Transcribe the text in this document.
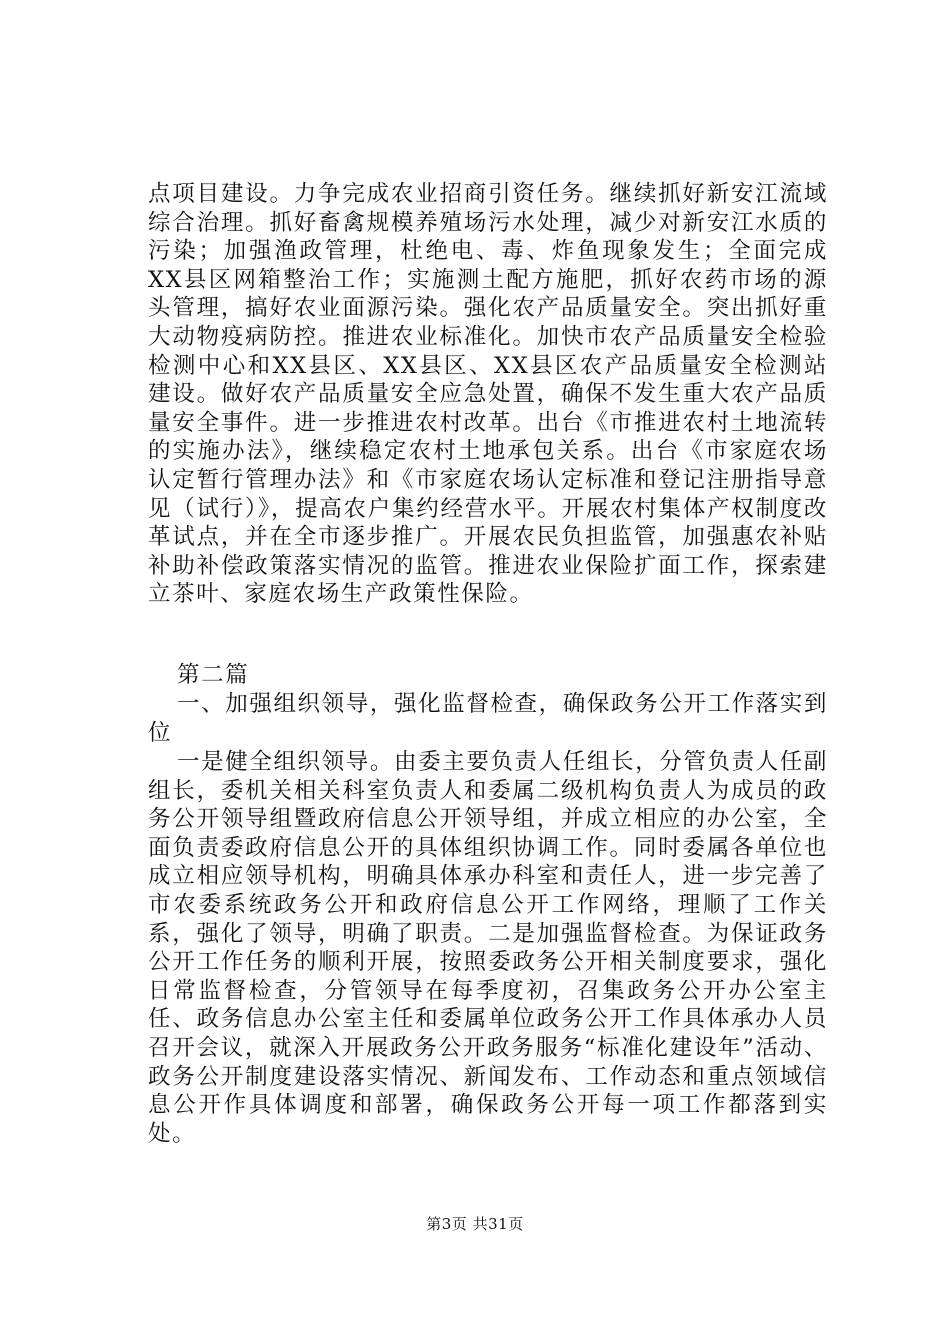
点项目建设。力争完成农业招商引资任务。继续抓好新安江流域综合治理。抓好畜禽规模养殖场污水处理，减少对新安江水质的污染；加强渔政管理，杜绝电、毒、炸鱼现象发生；全面完成XX县区网箱整治工作；实施测土配方施肥，抓好农药市场的源头管理，搞好农业面源污染。强化农产品质量安全。突出抓好重大动物疫病防控。推进农业标准化。加快市农产品质量安全检验检测中心和XX县区、XX县区、XX县区农产品质量安全检测站建设。做好农产品质量安全应急处置，确保不发生重大农产品质量安全事件。进一步推进农村改革。出台《市推进农村土地流转的实施办法》，继续稳定农村土地承包关系。出台《市家庭农场认定暂行管理办法》和《市家庭农场认定标准和登记注册指导意见（试行）》，提高农户集约经营水平。开展农村集体产权制度改革试点，并在全市逐步推广。开展农民负担监管，加强惠农补贴补助补偿政策落实情况的监管。推进农业保险扩面工作，探索建立茶叶、家庭农场生产政策性保险。

第二篇

一、加强组织领导，强化监督检查，确保政务公开工作落实到位

一是健全组织领导。由委主要负责人任组长，分管负责人任副组长，委机关相关科室负责人和委属二级机构负责人为成员的政务公开领导组暨政府信息公开领导组，并成立相应的办公室，全面负责委政府信息公开的具体组织协调工作。同时委属各单位也成立相应领导机构，明确具体承办科室和责任人，进一步完善了市农委系统政务公开和政府信息公开工作网络，理顺了工作关系，强化了领导，明确了职责。二是加强监督检查。为保证政务公开工作任务的顺利开展，按照委政务公开相关制度要求，强化日常监督检查，分管领导在每季度初，召集政务公开办公室主任、政务信息办公室主任和委属单位政务公开工作具体承办人员召开会议，就深入开展政务公开政务服务“标准化建设年”活动、政务公开制度建设落实情况、新闻发布、工作动态和重点领域信息公开作具体调度和部署，确保政务公开每一项工作都落到实处。

第3页 共31页
